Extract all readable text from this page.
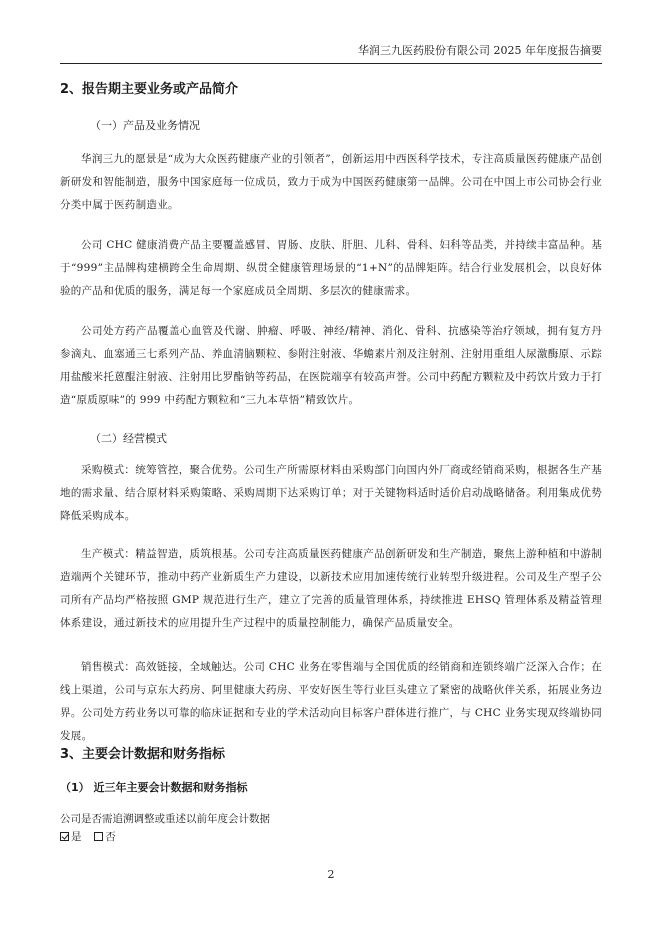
华润三九医药股份有限公司 2025 年年度报告摘要
2、报告期主要业务或产品简介
（一）产品及业务情况
华润三九的愿景是“成为大众医药健康产业的引领者”，创新运用中西医科学技术，专注高质量医药健康产品创新研发和智能制造，服务中国家庭每一位成员，致力于成为中国医药健康第一品牌。公司在中国上市公司协会行业分类中属于医药制造业。
公司 CHC 健康消费产品主要覆盖感冒、胃肠、皮肤、肝胆、儿科、骨科、妇科等品类，并持续丰富品种。基于“999”主品牌构建横跨全生命周期、纵贯全健康管理场景的“1+N”的品牌矩阵。结合行业发展机会，以良好体验的产品和优质的服务，满足每一个家庭成员全周期、多层次的健康需求。
公司处方药产品覆盖心血管及代谢、肿瘤、呼吸、神经/精神、消化、骨科、抗感染等治疗领域，拥有复方丹参滴丸、血塞通三七系列产品、养血清脑颗粒、参附注射液、华蟾素片剂及注射剂、注射用重组人尿激酶原、示踪用盐酸米托蒽醌注射液、注射用比罗酯钠等药品，在医院端享有较高声誉。公司中药配方颗粒及中药饮片致力于打造“原质原味”的 999 中药配方颗粒和“三九本草悟”精致饮片。
（二）经营模式
采购模式：统筹管控，聚合优势。公司生产所需原材料由采购部门向国内外厂商或经销商采购，根据各生产基地的需求量、结合原材料采购策略、采购周期下达采购订单；对于关键物料适时适价启动战略储备。利用集成优势降低采购成本。
生产模式：精益智造，质筑根基。公司专注高质量医药健康产品创新研发和生产制造，聚焦上游种植和中游制造端两个关键环节，推动中药产业新质生产力建设，以新技术应用加速传统行业转型升级进程。公司及生产型子公司所有产品均严格按照 GMP 规范进行生产，建立了完善的质量管理体系，持续推进 EHSQ 管理体系及精益管理体系建设，通过新技术的应用提升生产过程中的质量控制能力，确保产品质量安全。
销售模式：高效链接，全域触达。公司 CHC 业务在零售端与全国优质的经销商和连锁终端广泛深入合作；在线上渠道，公司与京东大药房、阿里健康大药房、平安好医生等行业巨头建立了紧密的战略伙伴关系，拓展业务边界。公司处方药业务以可靠的临床证据和专业的学术活动向目标客户群体进行推广，与 CHC 业务实现双终端协同发展。
3、主要会计数据和财务指标
（1） 近三年主要会计数据和财务指标
公司是否需追溯调整或重述以前年度会计数据
是 否
2
